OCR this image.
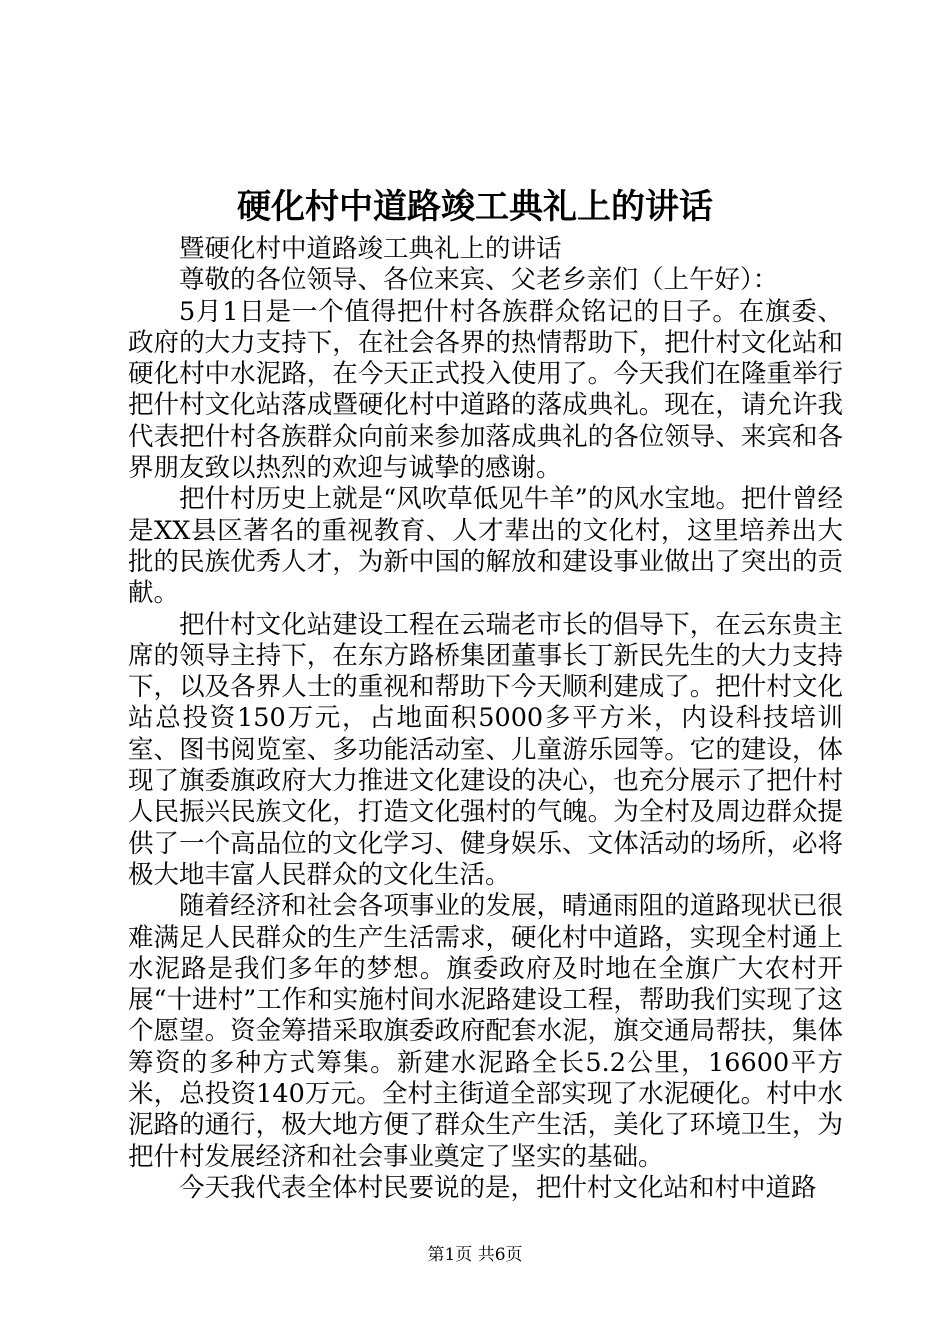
硬化村中道路竣工典礼上的讲话

暨硬化村中道路竣工典礼上的讲话

尊敬的各位领导、各位来宾、父老乡亲们（上午好）：

5月1日是一个值得把什村各族群众铭记的日子。在旗委、政府的大力支持下，在社会各界的热情帮助下，把什村文化站和硬化村中水泥路，在今天正式投入使用了。今天我们在隆重举行把什村文化站落成暨硬化村中道路的落成典礼。现在，请允许我代表把什村各族群众向前来参加落成典礼的各位领导、来宾和各界朋友致以热烈的欢迎与诚挚的感谢。

把什村历史上就是“风吹草低见牛羊”的风水宝地。把什曾经是XX县区著名的重视教育、人才辈出的文化村，这里培养出大批的民族优秀人才，为新中国的解放和建设事业做出了突出的贡献。

把什村文化站建设工程在云瑞老市长的倡导下，在云东贵主席的领导主持下，在东方路桥集团董事长丁新民先生的大力支持下，以及各界人士的重视和帮助下今天顺利建成了。把什村文化站总投资150万元，占地面积5000多平方米，内设科技培训室、图书阅览室、多功能活动室、儿童游乐园等。它的建设，体现了旗委旗政府大力推进文化建设的决心，也充分展示了把什村人民振兴民族文化，打造文化强村的气魄。为全村及周边群众提供了一个高品位的文化学习、健身娱乐、文体活动的场所，必将极大地丰富人民群众的文化生活。

随着经济和社会各项事业的发展，晴通雨阻的道路现状已很难满足人民群众的生产生活需求，硬化村中道路，实现全村通上水泥路是我们多年的梦想。旗委政府及时地在全旗广大农村开展“十进村”工作和实施村间水泥路建设工程，帮助我们实现了这个愿望。资金筹措采取旗委政府配套水泥，旗交通局帮扶，集体筹资的多种方式筹集。新建水泥路全长5.2公里，16600平方米，总投资140万元。全村主街道全部实现了水泥硬化。村中水泥路的通行，极大地方便了群众生产生活，美化了环境卫生，为把什村发展经济和社会事业奠定了坚实的基础。

今天我代表全体村民要说的是，把什村文化站和村中道路

第1页 共6页
